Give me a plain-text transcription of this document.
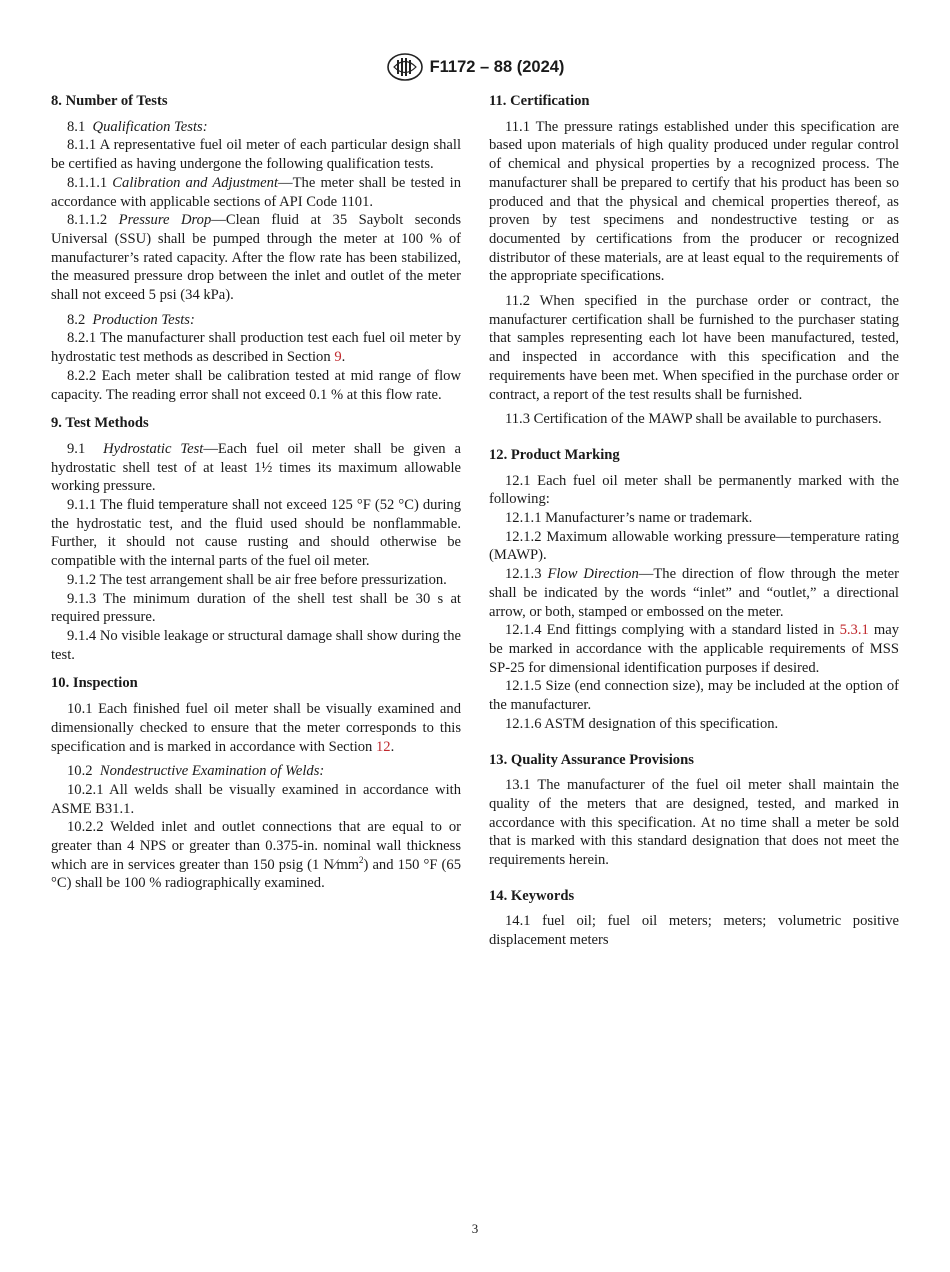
F1172 – 88 (2024)
8. Number of Tests

8.1 Qualification Tests:

8.1.1 A representative fuel oil meter of each particular design shall be certified as having undergone the following qualification tests.

8.1.1.1 Calibration and Adjustment—The meter shall be tested in accordance with applicable sections of API Code 1101.

8.1.1.2 Pressure Drop—Clean fluid at 35 Saybolt seconds Universal (SSU) shall be pumped through the meter at 100 % of manufacturer’s rated capacity. After the flow rate has been stabilized, the measured pressure drop between the inlet and outlet of the meter shall not exceed 5 psi (34 kPa).

8.2 Production Tests:

8.2.1 The manufacturer shall production test each fuel oil meter by hydrostatic test methods as described in Section 9.

8.2.2 Each meter shall be calibration tested at mid range of flow capacity. The reading error shall not exceed 0.1 % at this flow rate.

9. Test Methods

9.1 Hydrostatic Test—Each fuel oil meter shall be given a hydrostatic shell test of at least 1½ times its maximum allowable working pressure.

9.1.1 The fluid temperature shall not exceed 125 °F (52 °C) during the hydrostatic test, and the fluid used should be nonflammable. Further, it should not cause rusting and should otherwise be compatible with the internal parts of the fuel oil meter.

9.1.2 The test arrangement shall be air free before pressurization.

9.1.3 The minimum duration of the shell test shall be 30 s at required pressure.

9.1.4 No visible leakage or structural damage shall show during the test.

10. Inspection

10.1 Each finished fuel oil meter shall be visually examined and dimensionally checked to ensure that the meter corresponds to this specification and is marked in accordance with Section 12.

10.2 Nondestructive Examination of Welds:

10.2.1 All welds shall be visually examined in accordance with ASME B31.1.

10.2.2 Welded inlet and outlet connections that are equal to or greater than 4 NPS or greater than 0.375-in. nominal wall thickness which are in services greater than 150 psig (1 $N⁄mm^2$) and 150 °F (65 °C) shall be 100 % radiographically examined.

11. Certification

11.1 The pressure ratings established under this specification are based upon materials of high quality produced under regular control of chemical and physical properties by a recognized process. The manufacturer shall be prepared to certify that his product has been so produced and that the physical and chemical properties thereof, as proven by test specimens and nondestructive testing or as documented by certifications from the producer or recognized distributor of these materials, are at least equal to the requirements of the appropriate specifications.

11.2 When specified in the purchase order or contract, the manufacturer certification shall be furnished to the purchaser stating that samples representing each lot have been manufactured, tested, and inspected in accordance with this specification and the requirements have been met. When specified in the purchase order or contract, a report of the test results shall be furnished.

11.3 Certification of the MAWP shall be available to purchasers.

12. Product Marking

12.1 Each fuel oil meter shall be permanently marked with the following:

12.1.1 Manufacturer’s name or trademark.

12.1.2 Maximum allowable working pressure—temperature rating (MAWP).

12.1.3 Flow Direction—The direction of flow through the meter shall be indicated by the words “inlet” and “outlet,” a directional arrow, or both, stamped or embossed on the meter.

12.1.4 End fittings complying with a standard listed in 5.3.1 may be marked in accordance with the applicable requirements of MSS SP-25 for dimensional identification purposes if desired.

12.1.5 Size (end connection size), may be included at the option of the manufacturer.

12.1.6 ASTM designation of this specification.

13. Quality Assurance Provisions

13.1 The manufacturer of the fuel oil meter shall maintain the quality of the meters that are designed, tested, and marked in accordance with this specification. At no time shall a meter be sold that is marked with this standard designation that does not meet the requirements herein.

14. Keywords

14.1 fuel oil; fuel oil meters; meters; volumetric positive displacement meters

3
